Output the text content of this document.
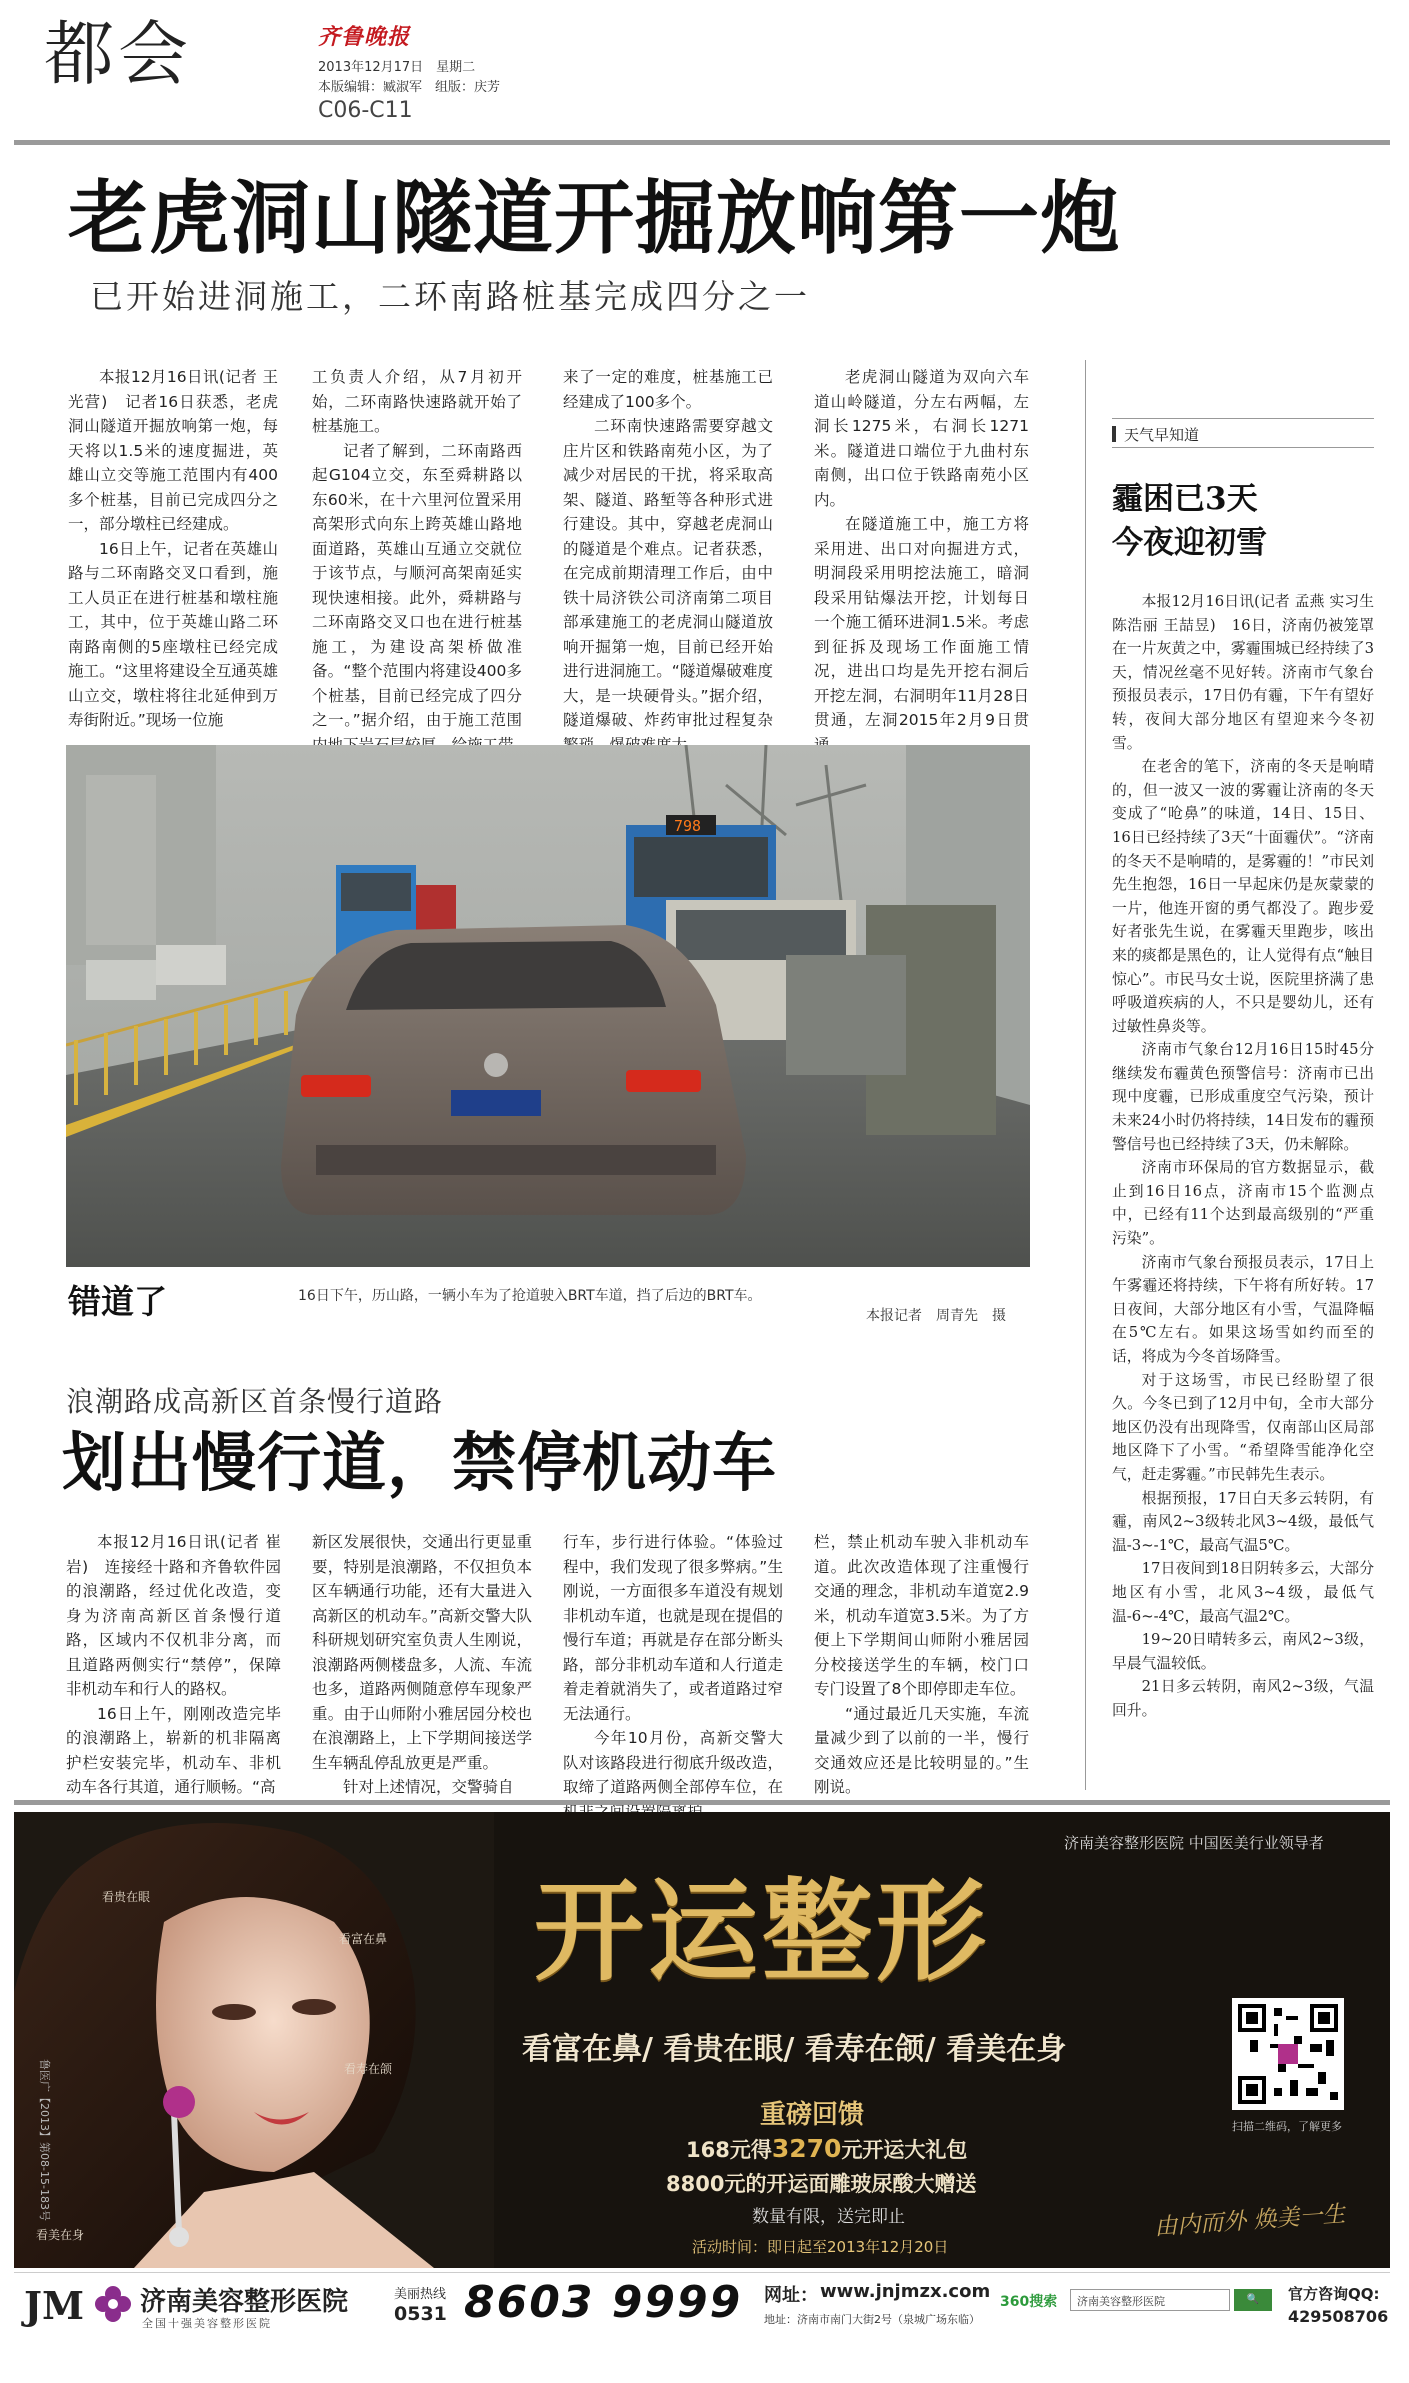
都会	齐鲁晚报
2013年12月17日　星期二
本版编辑：臧淑军　组版：庆芳
C06-C11
老虎洞山隧道开掘放响第一炮
已开始进洞施工，二环南路桩基完成四分之一

本报12月16日讯(记者 王光营)　记者16日获悉，老虎洞山隧道开掘放响第一炮，每天将以1.5米的速度掘进，英雄山立交等施工范围内有400多个桩基，目前已完成四分之一，部分墩柱已经建成。

16日上午，记者在英雄山路与二环南路交叉口看到，施工人员正在进行桩基和墩柱施工，其中，位于英雄山路二环南路南侧的5座墩柱已经完成施工。“这里将建设全互通英雄山立交，墩柱将往北延伸到万寿街附近。”现场一位施

工负责人介绍，从7月初开始，二环南路快速路就开始了桩基施工。

记者了解到，二环南路西起G104立交，东至舜耕路以东60米，在十六里河位置采用高架形式向东上跨英雄山路地面道路，英雄山互通立交就位于该节点，与顺河高架南延实现快速相接。此外，舜耕路与二环南路交叉口也在进行桩基施工，为建设高架桥做准备。“整个范围内将建设400多个桩基，目前已经完成了四分之一。”据介绍，由于施工范围

来了一定的难度，桩基施工已经建成了100多个。

二环南快速路需要穿越文庄片区和铁路南苑小区，为了减少对居民的干扰，将采取高架、隧道、路堑等各种形式进行建设。其中，穿越老虎洞山的隧道是个难点。记者获悉，在完成前期清理工作后，由中铁十局济铁公司济南第二项目部承建施工的老虎洞山隧道放响开掘第一炮，目前已经开始进行进洞施工。“隧道爆破难度大，是一块硬骨头。”据介绍，隧道爆破、炸药审批过程复杂

老虎洞山隧道为双向六车道山岭隧道，分左右两幅，左洞长1275米，右洞长1271米。隧道进口端位于九曲村东南侧，出口位于铁路南苑小区内。

在隧道施工中，施工方将采用进、出口对向掘进方式，明洞段采用明挖法施工，暗洞段采用钻爆法开挖，计划每日一个施工循环进洞1.5米。考虑到征拆及现场工作面施工情况，进出口均是先开挖右洞后开挖左洞，右洞明年11月28日贯通，左洞2015年2月9日贯

798
错道了	16日下午，历山路，一辆小车为了抢道驶入BRT车道，挡了后边的BRT车。
本报记者　周青先　摄
浪潮路成高新区首条慢行道路
划出慢行道，禁停机动车

本报12月16日讯(记者 崔岩)　连接经十路和齐鲁软件园的浪潮路，经过优化改造，变身为济南高新区首条慢行道路，区域内不仅机非分离，而且道路两侧实行“禁停”，保障非机动车和行人的路权。

16日上午，刚刚改造完毕的浪潮路上，崭新的机非隔离护栏安装完毕，机动车、非机动车各行其道，通行顺畅。“高

新区发展很快，交通出行更显重要，特别是浪潮路，不仅担负本区车辆通行功能，还有大量进入高新区的机动车。”高新交警大队科研规划研究室负责人生刚说，浪潮路两侧楼盘多，人流、车流也多，道路两侧随意停车现象严重。由于山师附小雅居园分校也在浪潮路上，上下学期间接送学生车辆乱停乱放更是严重。

针对上述情况，交警骑自

行车，步行进行体验。“体验过程中，我们发现了很多弊病。”生刚说，一方面很多车道没有规划非机动车道，也就是现在提倡的慢行车道；再就是存在部分断头路，部分非机动车道和人行道走着走着就消失了，或者道路过窄无法通行。

今年10月份，高新交警大队对该路段进行彻底升级改造，取缔了道路两侧全部停车位，在

栏，禁止机动车驶入非机动车道。此次改造体现了注重慢行交通的理念，非机动车道宽2.9米，机动车道宽3.5米。为了方便上下学期间山师附小雅居园分校接送学生的车辆，校门口专门设置了8个即停即走车位。

“通过最近几天实施，车流量减少到了以前的一半，慢行交通效应还是比较明显的。”生刚说。

天气早知道
霾困已3天
今夜迎初雪

本报12月16日讯(记者 孟燕 实习生 陈浩丽 王喆昱)　16日，济南仍被笼罩在一片灰黄之中，雾霾围城已经持续了3天，情况丝毫不见好转。济南市气象台预报员表示，17日仍有霾，下午有望好转，夜间大部分地区有望迎来今冬初雪。

在老舍的笔下，济南的冬天是响晴的，但一波又一波的雾霾让济南的冬天变成了“呛鼻”的味道，14日、15日、16日已经持续了3天“十面霾伏”。“济南的冬天不是响晴的，是雾霾的！”市民刘先生抱怨，16日一早起床仍是灰蒙蒙的一片，他连开窗的勇气都没了。跑步爱好者张先生说，在雾霾天里跑步，咳出来的痰都是黑色的，让人觉得有点“触目惊心”。市民马女士说，医院里挤满了患呼吸道疾病的人，不只是婴幼儿，还有过敏性鼻炎等。

济南市气象台12月16日15时45分继续发布霾黄色预警信号：济南市已出现中度霾，已形成重度空气污染，预计未来24小时仍将持续，14日发布的霾预警信号也已经持续了3天，仍未解除。

济南市环保局的官方数据显示，截止到16日16点，济南市15个监测点中，已经有11个达到最高级别的“严重污染”。

济南市气象台预报员表示，17日上午雾霾还将持续，下午将有所好转。17日夜间，大部分地区有小雪，气温降幅在5℃左右。如果这场雪如约而至的话，将成为今冬首场降雪。

对于这场雪，市民已经盼望了很久。今冬已到了12月中旬，全市大部分地区仍没有出现降雪，仅南部山区局部地区降下了小雪。“希望降雪能净化空气，赶走雾霾。”市民韩先生表示。

根据预报，17日白天多云转阴，有霾，南风2~3级转北风3~4级，最低气温-3~-1℃，最高气温5℃。

17日夜间到18日阴转多云，大部分地区有小雪，北风3~4级，最低气温-6~-4℃，最高气温2℃。

19~20日晴转多云，南风2~3级，早晨气温较低。

21日多云转阴，南风2~3级，气温回升。

看贵在眼
看富在鼻
看寿在颌
看美在身
鲁医广【2013】第08-15-183号
济南美容整形医院 中国医美行业领导者
开运整形
看富在鼻/ 看贵在眼/ 看寿在颌/ 看美在身
重磅回馈
168元得3270元开运大礼包
8800元的开运面雕玻尿酸大赠送
数量有限，送完即止
活动时间：即日起至2013年12月20日
扫描二维码，了解更多
由内而外 焕美一生
JM 济南美容整形医院
全国十强美容整形医院
美丽热线
0531 8603 9999 网址： www.jnjmzx.com
地址：济南市南门大街2号（泉城广场东临）
360搜索 济南美容整形医院	🔍	官方咨询QQ:
429508706
